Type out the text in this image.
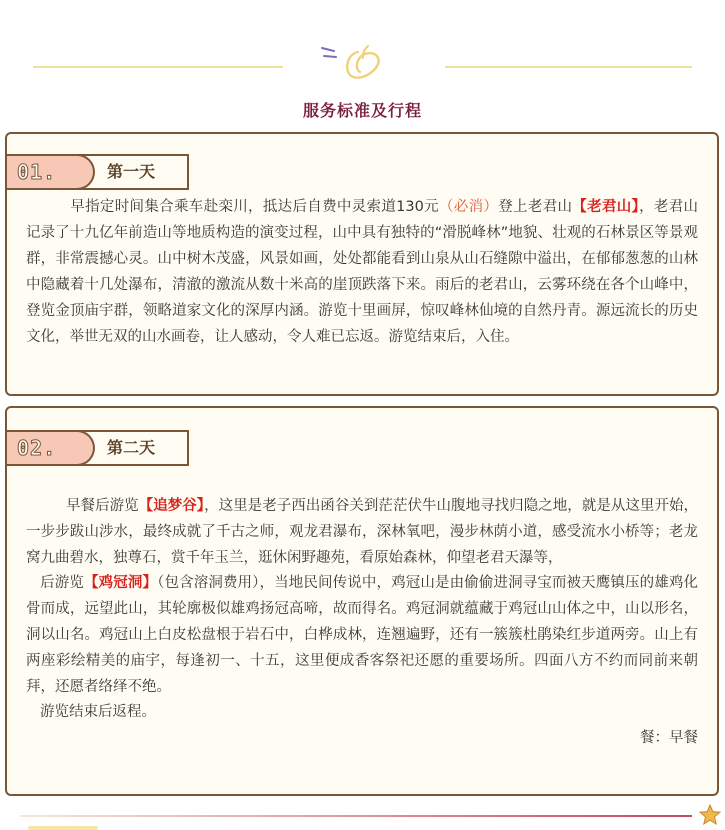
服务标准及行程
01.	第一天
早指定时间集合乘车赴栾川，抵达后自费中灵索道130元（必消）登上老君山【老君山】，老君山记录了十九亿年前造山等地质构造的演变过程，山中具有独特的“滑脱峰林”地貌、壮观的石林景区等景观群，非常震撼心灵。山中树木茂盛，风景如画，处处都能看到山泉从山石缝隙中溢出，在郁郁葱葱的山林中隐藏着十几处瀑布，清澈的激流从数十米高的崖顶跌落下来。雨后的老君山，云雾环绕在各个山峰中，登览金顶庙宇群，领略道家文化的深厚内涵。游览十里画屏，惊叹峰林仙境的自然丹青。源远流长的历史文化，举世无双的山水画卷，让人感动，令人难已忘返。游览结束后，入住。
02.	第二天
早餐后游览【追梦谷】，这里是老子西出函谷关到茫茫伏牛山腹地寻找归隐之地，就是从这里开始，一步步跋山涉水，最终成就了千古之师，观龙君瀑布，深林氧吧，漫步林荫小道，感受流水小桥等；老龙窝九曲碧水，独尊石，赏千年玉兰，逛休闲野趣苑，看原始森林，仰望老君天瀑等，
后游览【鸡冠洞】（包含溶洞费用），当地民间传说中，鸡冠山是由偷偷进洞寻宝而被天鹰镇压的雄鸡化骨而成，远望此山，其轮廓极似雄鸡扬冠高啼，故而得名。鸡冠洞就蕴藏于鸡冠山山体之中，山以形名，洞以山名。鸡冠山上白皮松盘根于岩石中，白桦成林，连翘遍野，还有一簇簇杜鹃染红步道两旁。山上有两座彩绘精美的庙宇，每逢初一、十五，这里便成香客祭祀还愿的重要场所。四面八方不约而同前来朝拜，还愿者络绎不绝。
游览结束后返程。
餐：早餐
